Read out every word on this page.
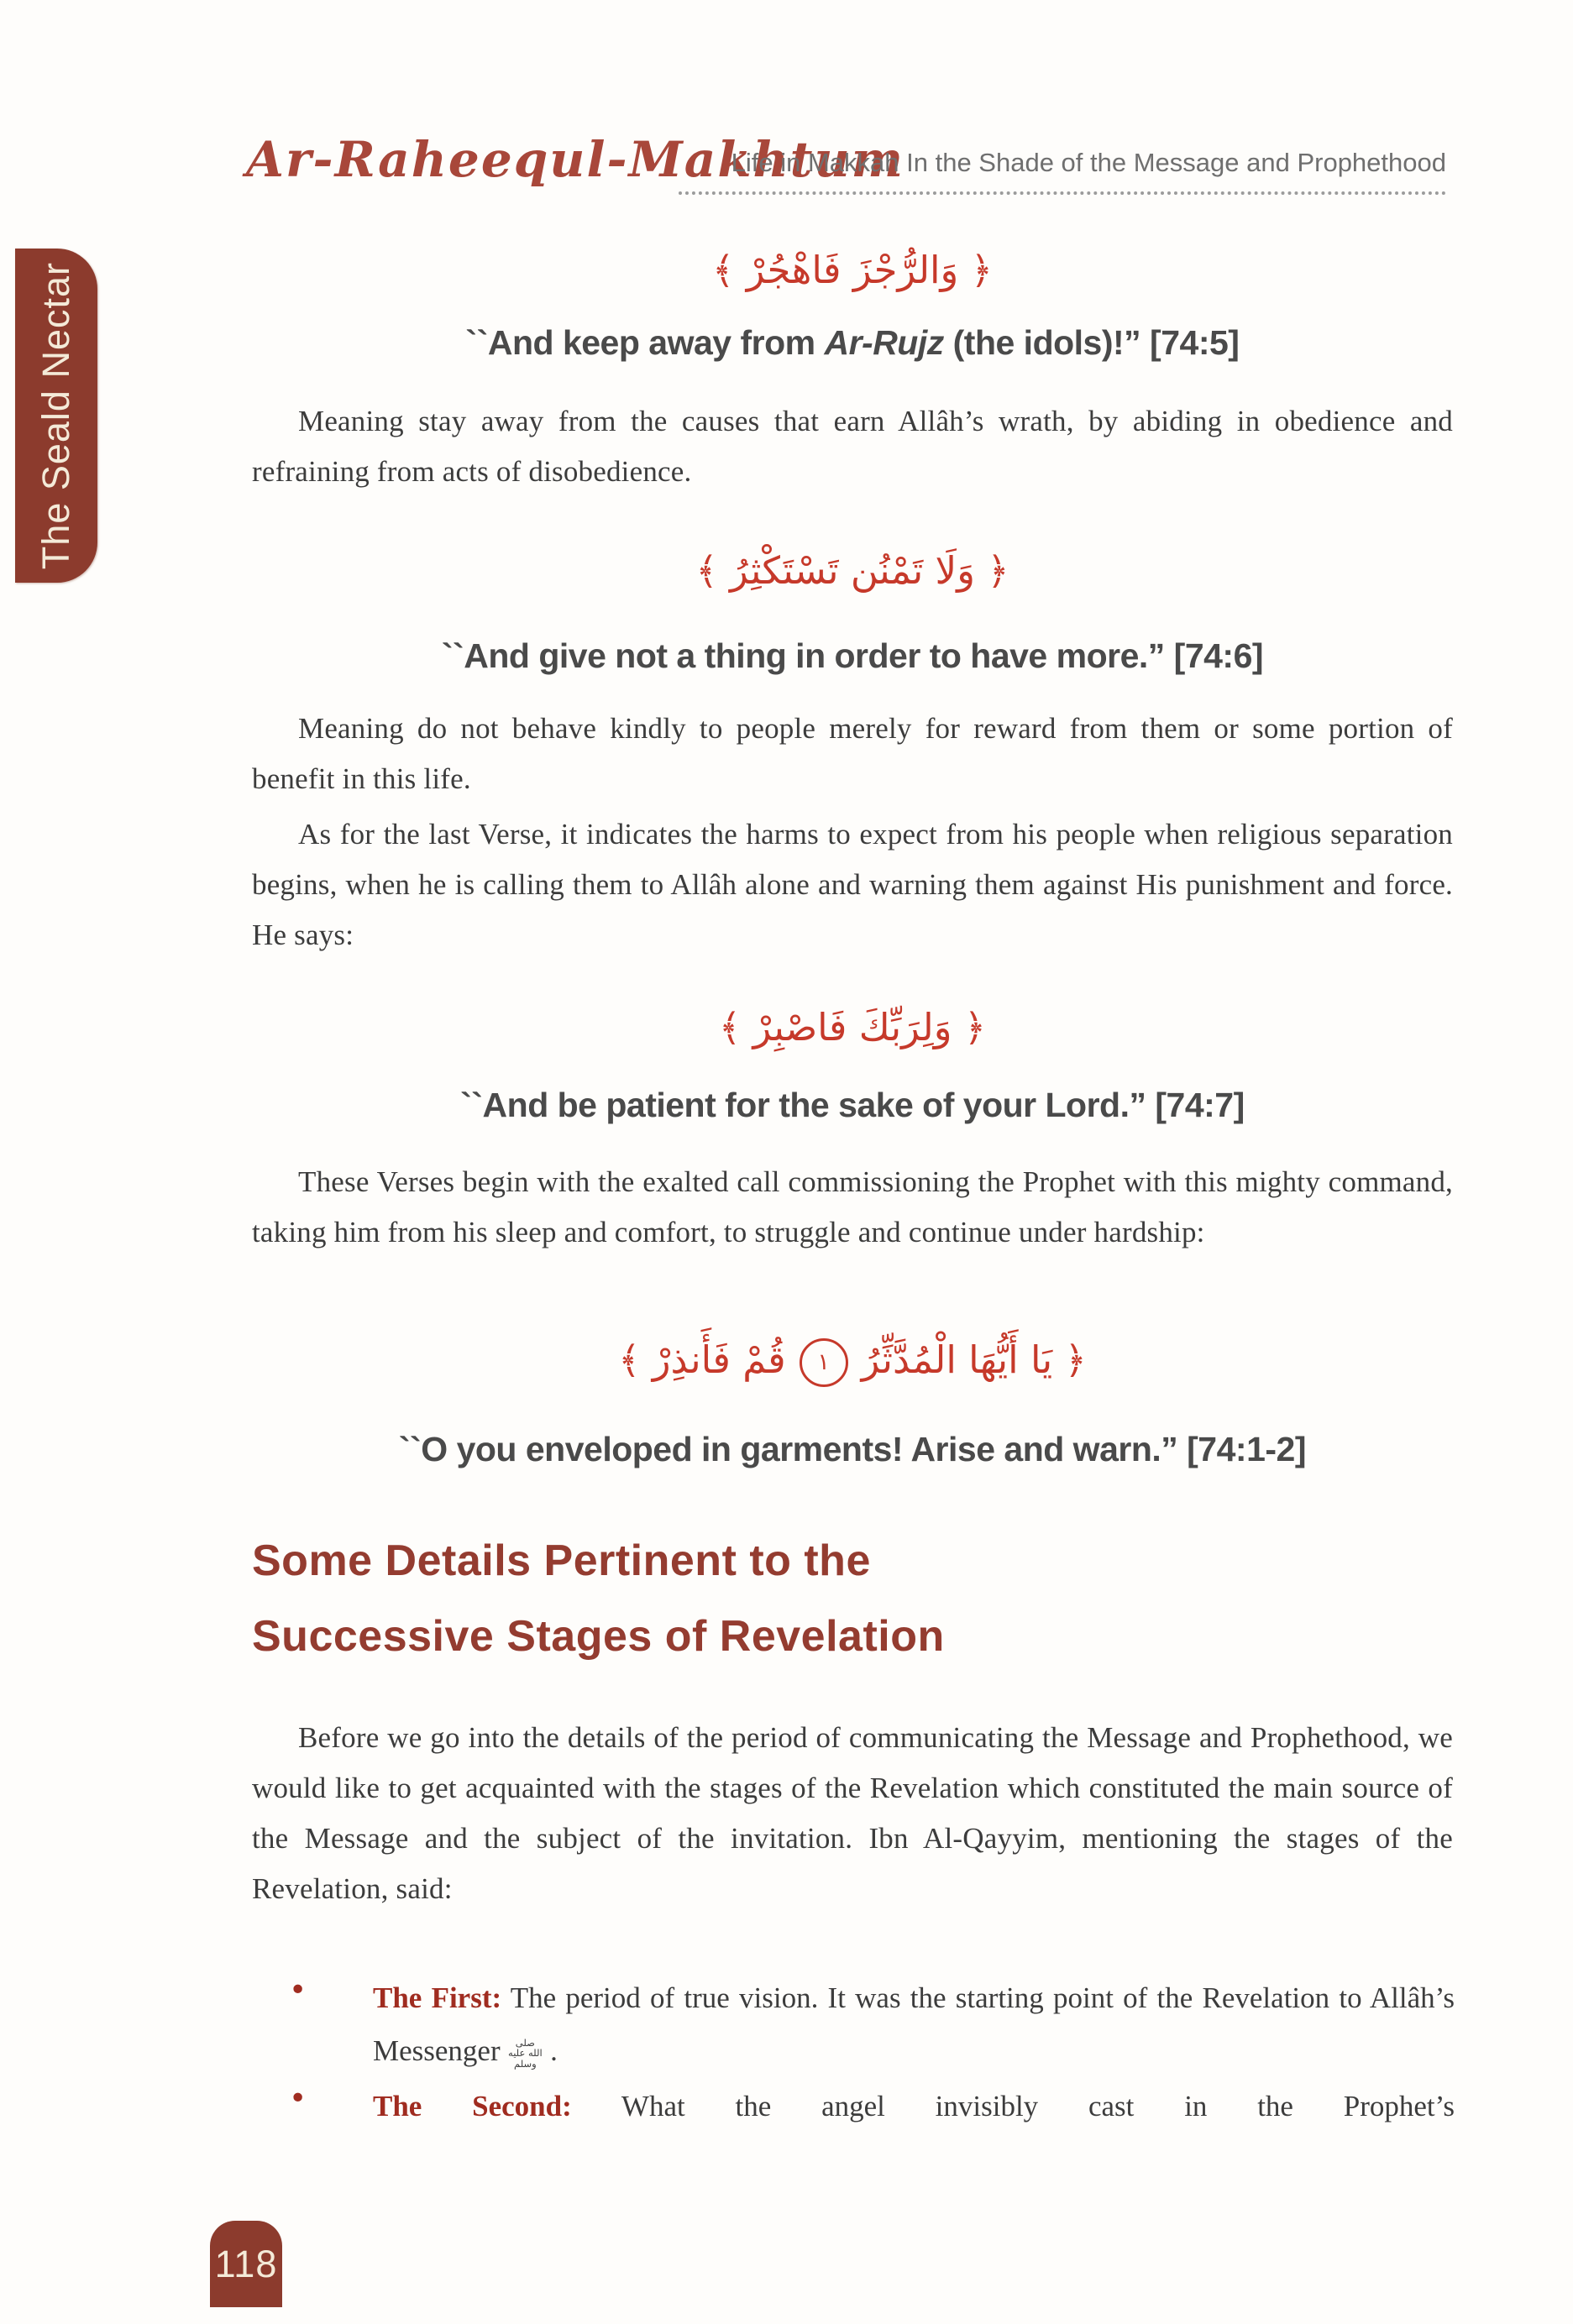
The Seald Nectar
Ar-Raheequl-Makhtum
Life in Makkah In the Shade of the Message and Prophethood
﴿ وَالرُّجْزَ فَاهْجُرْ ﴾
``And keep away from Ar-Rujz (the idols)!” [74:5]

Meaning stay away from the causes that earn Allâh’s wrath, by abiding in obedience and refraining from acts of disobedience.

﴿ وَلَا تَمْنُن تَسْتَكْثِرُ ﴾
``And give not a thing in order to have more.” [74:6]

Meaning do not behave kindly to people merely for reward from them or some portion of benefit in this life.

As for the last Verse, it indicates the harms to expect from his people when religious separation begins, when he is calling them to Allâh alone and warning them against His punishment and force. He says:

﴿ وَلِرَبِّكَ فَاصْبِرْ ﴾
``And be patient for the sake of your Lord.” [74:7]

These Verses begin with the exalted call commissioning the Prophet with this mighty command, taking him from his sleep and comfort, to struggle and continue under hardship:

﴿ يَا أَيُّهَا الْمُدَّثِّرُ١قُمْ فَأَنذِرْ ﴾
``O you enveloped in garments! Arise and warn.” [74:1-2]
Some Details Pertinent to the
Successive Stages of Revelation

Before we go into the details of the period of communicating the Message and Prophethood, we would like to get acquainted with the stages of the Revelation which constituted the main source of the Message and the subject of the invitation. Ibn Al-Qayyim, mentioning the stages of the Revelation, said:

•	The First: The period of true vision. It was the starting point of the Revelation to Allâh’s Messenger صلى الله عليه وسلم .
•	The Second: What the angel invisibly cast in the Prophet’s
118
